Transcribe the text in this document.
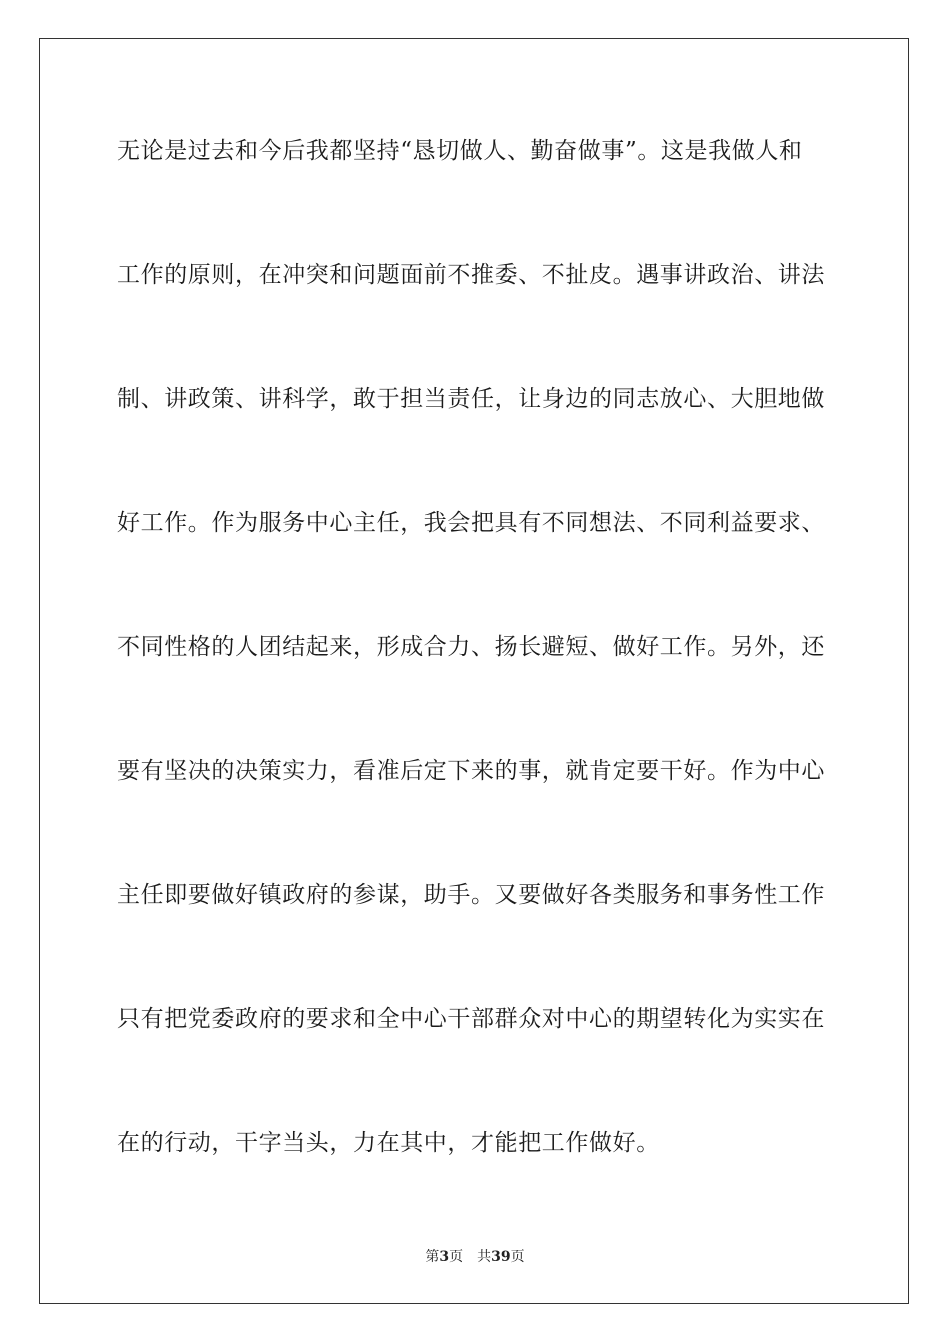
无论是过去和今后我都坚持“恳切做人、勤奋做事”。这是我做人和
工作的原则，在冲突和问题面前不推委、不扯皮。遇事讲政治、讲法
制、讲政策、讲科学，敢于担当责任，让身边的同志放心、大胆地做
好工作。作为服务中心主任，我会把具有不同想法、不同利益要求、
不同性格的人团结起来，形成合力、扬长避短、做好工作。另外，还
要有坚决的决策实力，看准后定下来的事，就肯定要干好。作为中心
主任即要做好镇政府的参谋，助手。又要做好各类服务和事务性工作
只有把党委政府的要求和全中心干部群众对中心的期望转化为实实在
在的行动，干字当头，力在其中，才能把工作做好。
第3页 共39页
